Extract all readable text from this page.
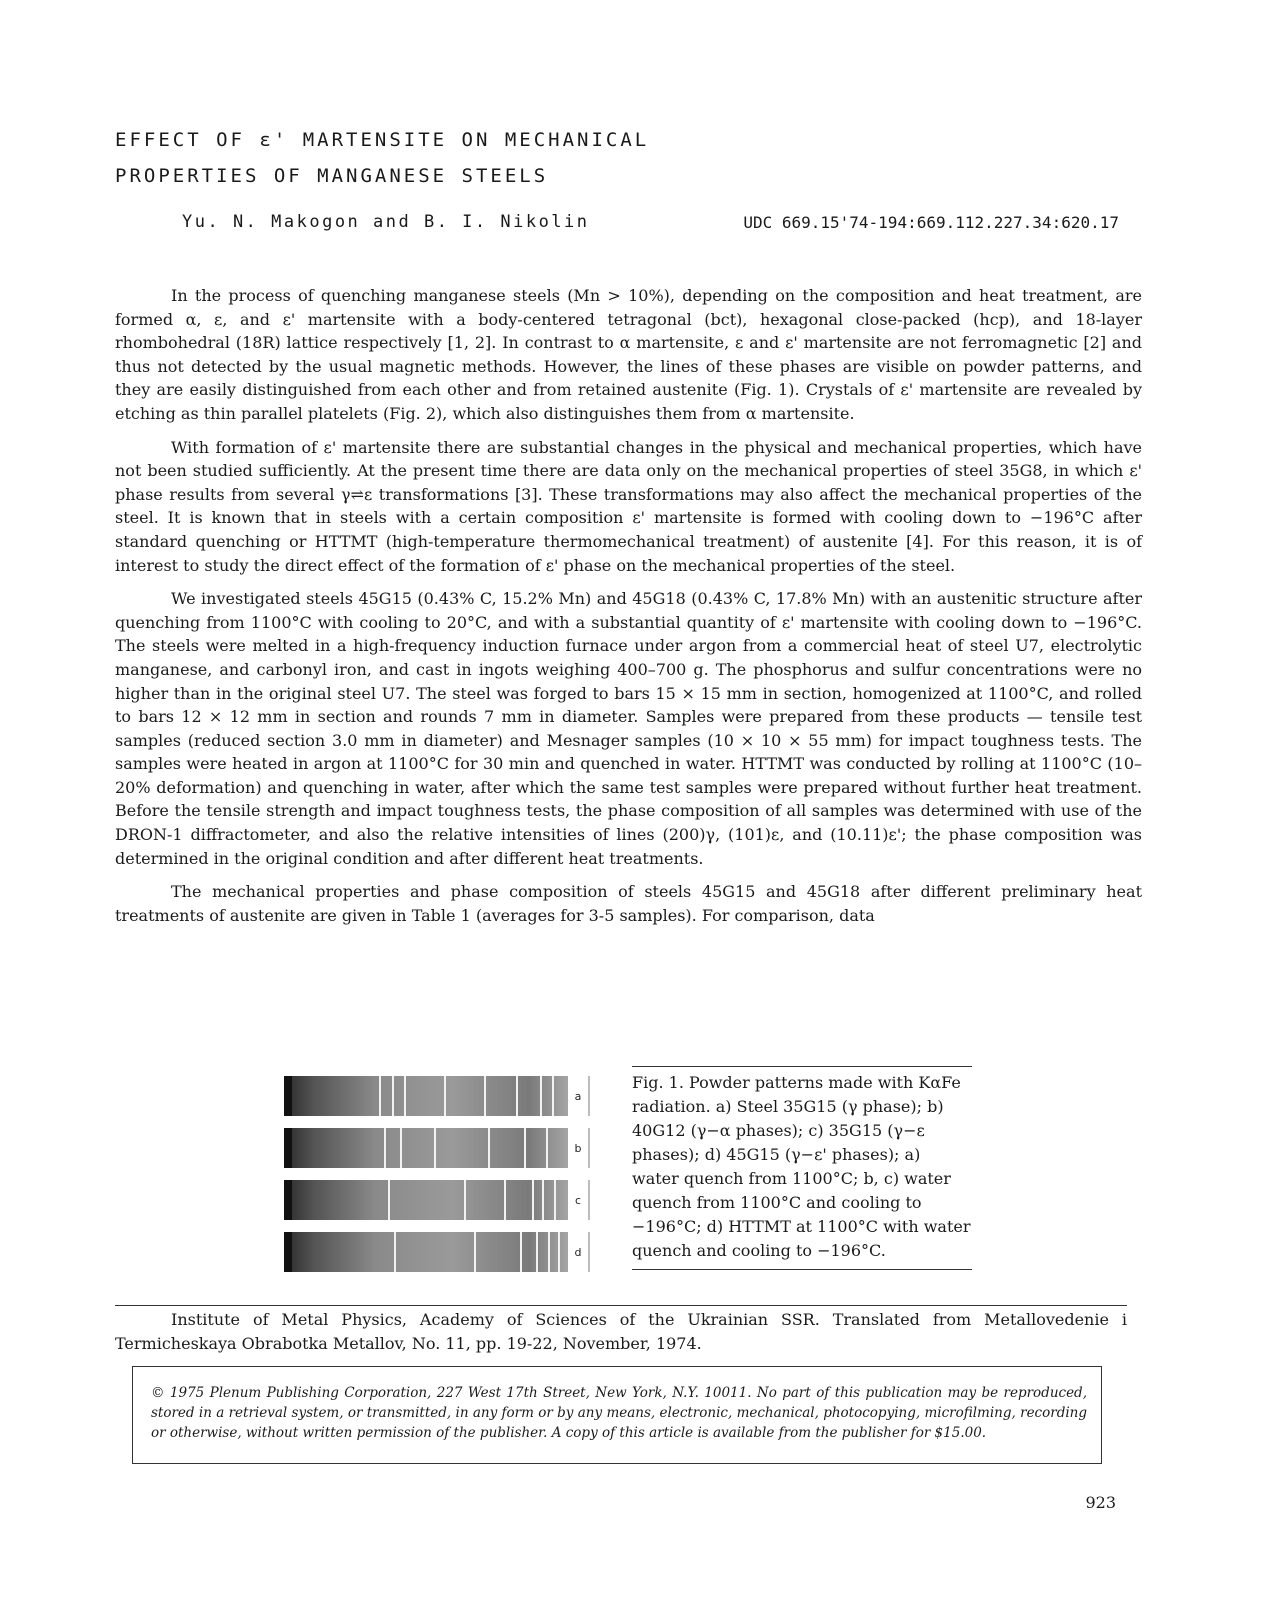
EFFECT OF ε' MARTENSITE ON MECHANICAL
PROPERTIES OF MANGANESE STEELS
Yu. N. Makogon and B. I. Nikolin	UDC 669.15'74-194:669.112.227.34:620.17

In the process of quenching manganese steels (Mn > 10%), depending on the composition and heat treatment, are formed α, ε, and ε' martensite with a body-centered tetragonal (bct), hexagonal close-packed (hcp), and 18-layer rhombohedral (18R) lattice respectively [1, 2]. In contrast to α martensite, ε and ε' martensite are not ferromagnetic [2] and thus not detected by the usual magnetic methods. However, the lines of these phases are visible on powder patterns, and they are easily distinguished from each other and from retained austenite (Fig. 1). Crystals of ε' martensite are revealed by etching as thin parallel platelets (Fig. 2), which also distinguishes them from α martensite.

With formation of ε' martensite there are substantial changes in the physical and mechanical properties, which have not been studied sufficiently. At the present time there are data only on the mechanical properties of steel 35G8, in which ε' phase results from several γ⇌ε transformations [3]. These transformations may also affect the mechanical properties of the steel. It is known that in steels with a certain composition ε' martensite is formed with cooling down to −196°C after standard quenching or HTTMT (high-temperature thermomechanical treatment) of austenite [4]. For this reason, it is of interest to study the direct effect of the formation of ε' phase on the mechanical properties of the steel.

We investigated steels 45G15 (0.43% C, 15.2% Mn) and 45G18 (0.43% C, 17.8% Mn) with an austenitic structure after quenching from 1100°C with cooling to 20°C, and with a substantial quantity of ε' martensite with cooling down to −196°C. The steels were melted in a high-frequency induction furnace under argon from a commercial heat of steel U7, electrolytic manganese, and carbonyl iron, and cast in ingots weighing 400–700 g. The phosphorus and sulfur concentrations were no higher than in the original steel U7. The steel was forged to bars 15 × 15 mm in section, homogenized at 1100°C, and rolled to bars 12 × 12 mm in section and rounds 7 mm in diameter. Samples were prepared from these products — tensile test samples (reduced section 3.0 mm in diameter) and Mesnager samples (10 × 10 × 55 mm) for impact toughness tests. The samples were heated in argon at 1100°C for 30 min and quenched in water. HTTMT was conducted by rolling at 1100°C (10–20% deformation) and quenching in water, after which the same test samples were prepared without further heat treatment. Before the tensile strength and impact toughness tests, the phase composition of all samples was determined with use of the DRON-1 diffractometer, and also the relative intensities of lines (200)γ, (101)ε, and (10.11)ε'; the phase composition was determined in the original condition and after different heat treatments.

The mechanical properties and phase composition of steels 45G15 and 45G18 after different preliminary heat treatments of austenite are given in Table 1 (averages for 3-5 samples). For comparison, data

a
b
c
d
Fig. 1. Powder patterns made with KαFe radiation. a) Steel 35G15 (γ phase); b) 40G12 (γ−α phases); c) 35G15 (γ−ε phases); d) 45G15 (γ−ε' phases); a) water quench from 1100°C; b, c) water quench from 1100°C and cooling to −196°C; d) HTTMT at 1100°C with water quench and cooling to −196°C.
Institute of Metal Physics, Academy of Sciences of the Ukrainian SSR. Translated from Metallovedenie i Termicheskaya Obrabotka Metallov, No. 11, pp. 19-22, November, 1974.
© 1975 Plenum Publishing Corporation, 227 West 17th Street, New York, N.Y. 10011. No part of this publication may be reproduced, stored in a retrieval system, or transmitted, in any form or by any means, electronic, mechanical, photocopying, microfilming, recording or otherwise, without written permission of the publisher. A copy of this article is available from the publisher for $15.00.
923
